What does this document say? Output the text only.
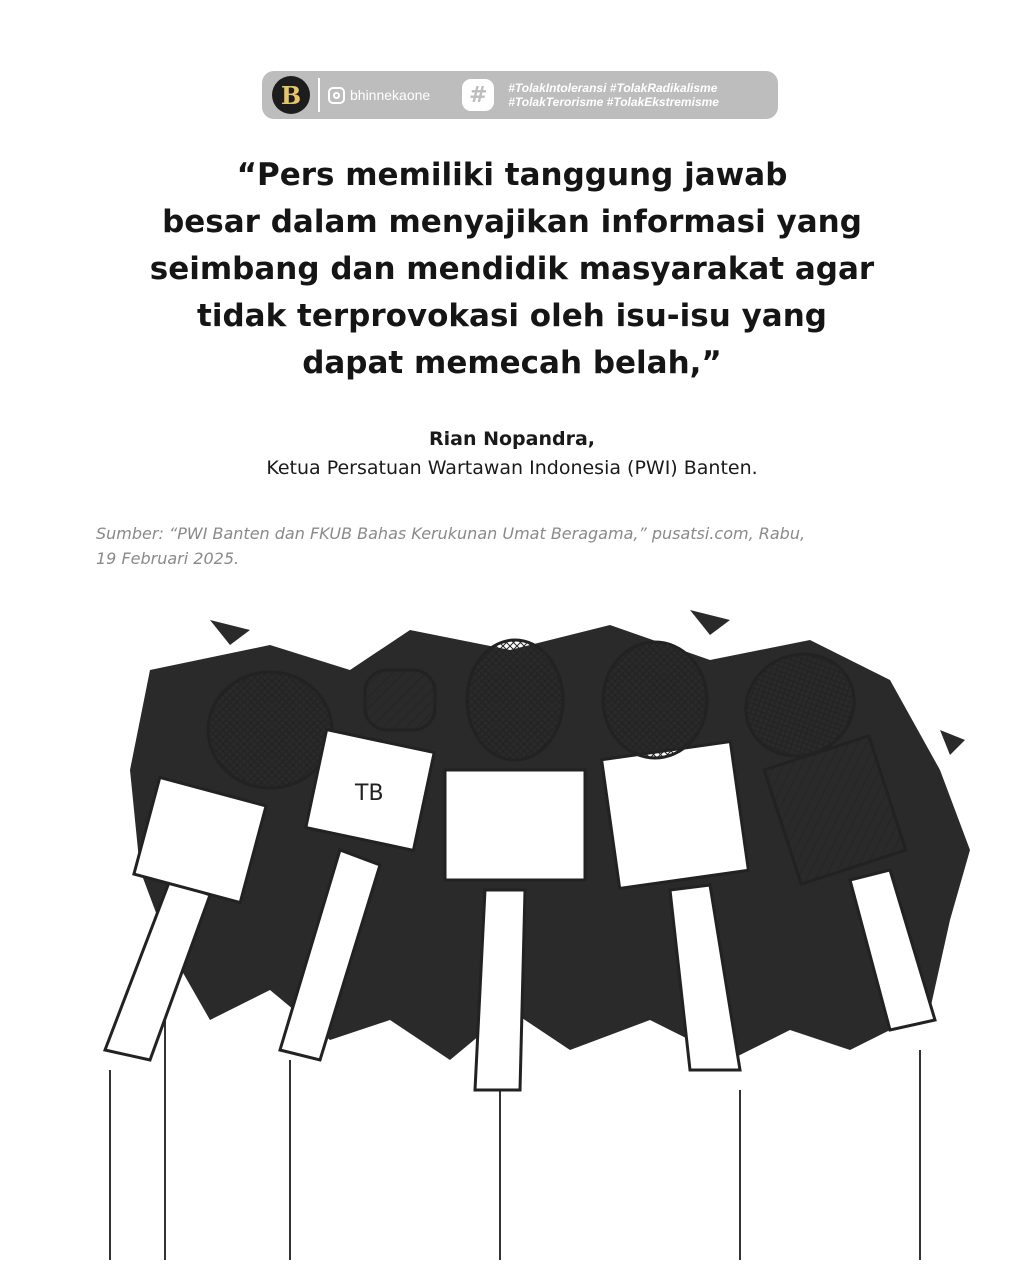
B	bhinnekaone	#	#TolakIntoleransi #TolakRadikalisme
#TolakTerorisme #TolakEkstremisme
“Pers memiliki tanggung jawab
besar dalam menyajikan informasi yang
seimbang dan mendidik masyarakat agar
tidak terprovokasi oleh isu-isu yang
dapat memecah belah,”
Rian Nopandra,
Ketua Persatuan Wartawan Indonesia (PWI) Banten.
Sumber: “PWI Banten dan FKUB Bahas Kerukunan Umat Beragama,” pusatsi.com, Rabu,
19 Februari 2025.
TB
